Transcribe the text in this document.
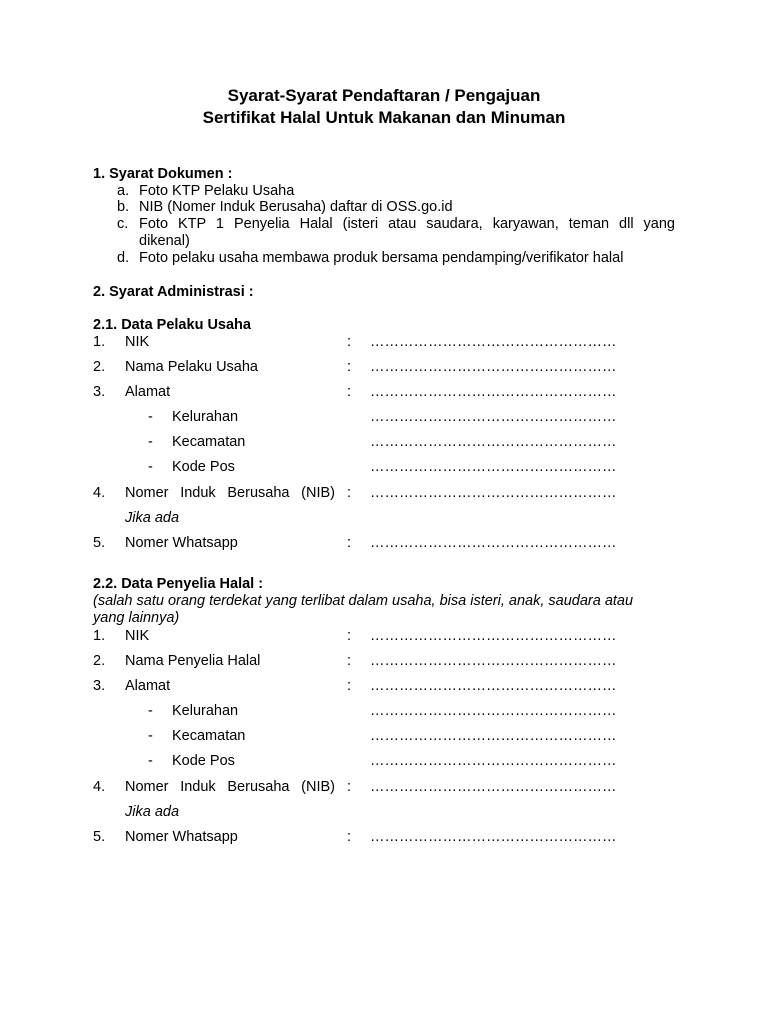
Syarat-Syarat Pendaftaran / Pengajuan
Sertifikat Halal Untuk Makanan dan Minuman
1. Syarat Dokumen :
a. Foto KTP Pelaku Usaha
b. NIB (Nomer Induk Berusaha) daftar di OSS.go.id
c. Foto KTP 1 Penyelia Halal (isteri atau saudara, karyawan, teman dll yang
dikenal)
d. Foto pelaku usaha membawa produk bersama pendamping/verifikator halal
2. Syarat Administrasi :
2.1. Data Pelaku Usaha
1. NIK	: ……………………………………………
2. Nama Pelaku Usaha	: ……………………………………………
3. Alamat	: ……………………………………………
- Kelurahan	……………………………………………
- Kecamatan	……………………………………………
- Kode Pos	……………………………………………
4. Nomer Induk Berusaha (NIB) : ……………………………………………
Jika ada
5. Nomer Whatsapp	: ……………………………………………
2.2. Data Penyelia Halal :
(salah satu orang terdekat yang terlibat dalam usaha, bisa isteri, anak, saudara atau
yang lainnya)
1. NIK	: ……………………………………………
2. Nama Penyelia Halal	: ……………………………………………
3. Alamat	: ……………………………………………
- Kelurahan	……………………………………………
- Kecamatan	……………………………………………
- Kode Pos	……………………………………………
4. Nomer Induk Berusaha (NIB) : ……………………………………………
Jika ada
5. Nomer Whatsapp	: ……………………………………………
